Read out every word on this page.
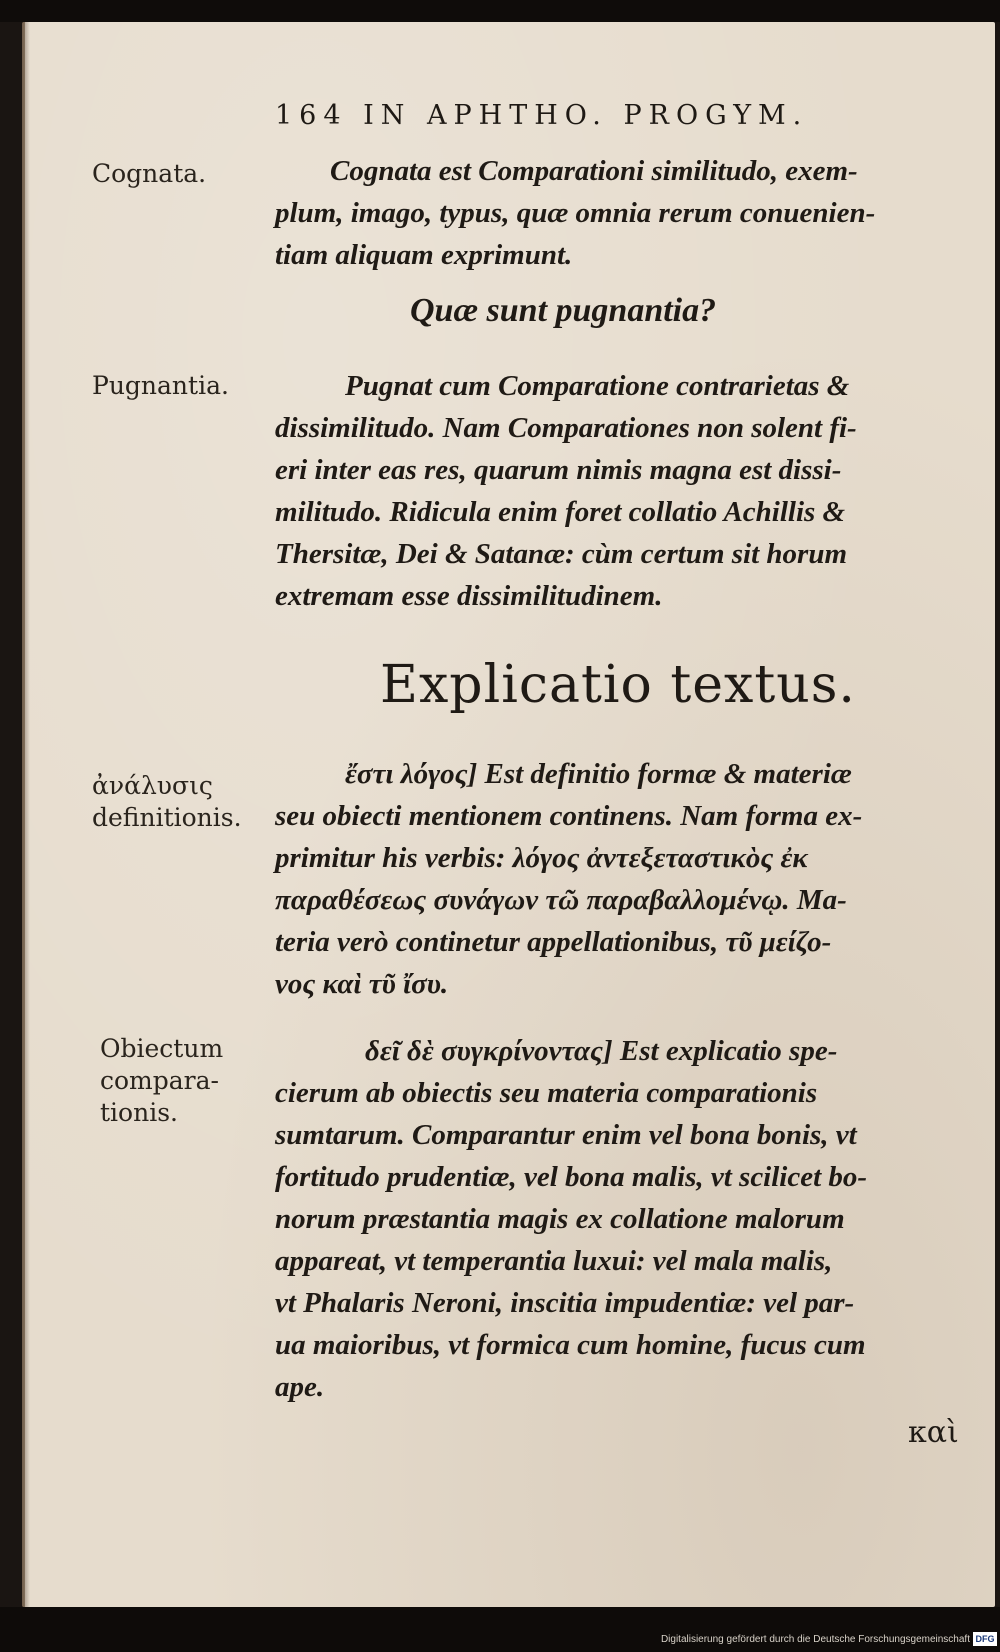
164 IN APHTHO. PROGYM.
Cognata.
Pugnantia.
ἀνάλυσις
definitionis.
Obiectum
compara-
tionis.
Cognata est Comparationi similitudo, exem-
plum, imago, typus, quæ omnia rerum conuenien-
tiam aliquam exprimunt.
Quæ sunt pugnantia?
Pugnat cum Comparatione contrarietas &
dissimilitudo. Nam Comparationes non solent fi-
eri inter eas res, quarum nimis magna est dissi-
militudo. Ridicula enim foret collatio Achillis &
Thersitæ, Dei & Satanæ: cùm certum sit horum
extremam esse dissimilitudinem.
Explicatio textus.
ἔστι λόγος] Est definitio formæ & materiæ
seu obiecti mentionem continens. Nam forma ex-
primitur his verbis: λόγος ἀντεξεταστικὸς ἐκ
παραθέσεως συνάγων τῶ παραβαλλομένῳ. Ma-
teria verò continetur appellationibus, τῦ μείζο-
νος καὶ τῦ ἴσυ.
δεῖ δὲ συγκρίνοντας] Est explicatio spe-
cierum ab obiectis seu materia comparationis
sumtarum. Comparantur enim vel bona bonis, vt
fortitudo prudentiæ, vel bona malis, vt scilicet bo-
norum præstantia magis ex collatione malorum
appareat, vt temperantia luxui: vel mala malis,
vt Phalaris Neroni, inscitia impudentiæ: vel par-
ua maioribus, vt formica cum homine, fucus cum
ape.
καὶ
Digitalisierung gefördert durch die Deutsche Forschungsgemeinschaft DFG
